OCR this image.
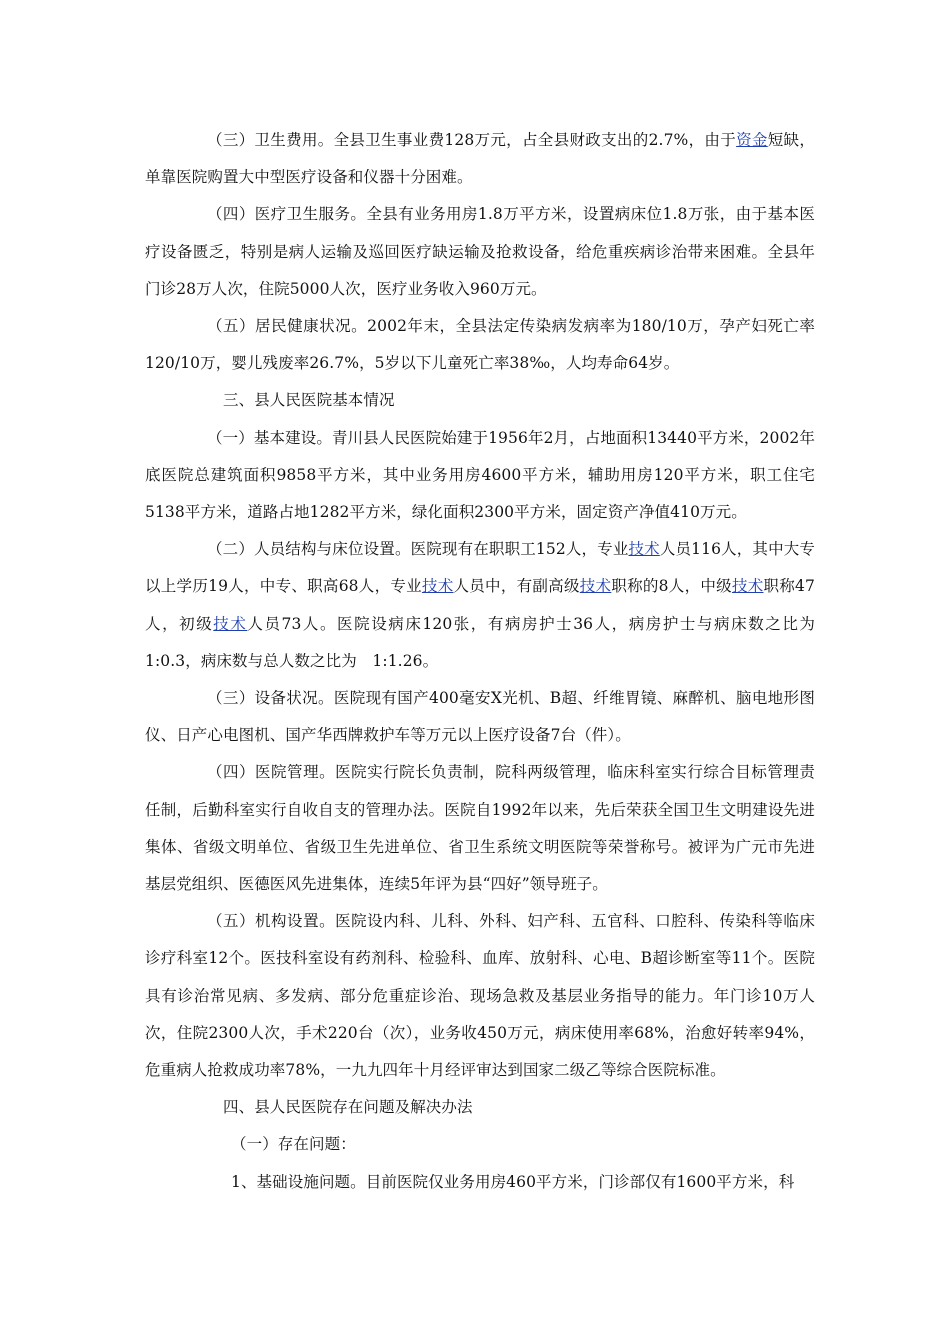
（三）卫生费用。全县卫生事业费128万元，占全县财政支出的2.7%，由于资金短缺，单靠医院购置大中型医疗设备和仪器十分困难。

（四）医疗卫生服务。全县有业务用房1.8万平方米，设置病床位1.8万张，由于基本医疗设备匮乏，特别是病人运输及巡回医疗缺运输及抢救设备，给危重疾病诊治带来困难。全县年门诊28万人次，住院5000人次，医疗业务收入960万元。

（五）居民健康状况。2002年末，全县法定传染病发病率为180/10万，孕产妇死亡率120/10万，婴儿残废率26.7%，5岁以下儿童死亡率38‰，人均寿命64岁。

三、县人民医院基本情况

（一）基本建设。青川县人民医院始建于1956年2月，占地面积13440平方米，2002年底医院总建筑面积9858平方米，其中业务用房4600平方米，辅助用房120平方米，职工住宅5138平方米，道路占地1282平方米，绿化面积2300平方米，固定资产净值410万元。

（二）人员结构与床位设置。医院现有在职职工152人，专业技术人员116人，其中大专以上学历19人，中专、职高68人，专业技术人员中，有副高级技术职称的8人，中级技术职称47人，初级技术人员73人。医院设病床120张，有病房护士36人，病房护士与病床数之比为1:0.3，病床数与总人数之比为　1:1.26。

（三）设备状况。医院现有国产400毫安X光机、B超、纤维胃镜、麻醉机、脑电地形图仪、日产心电图机、国产华西牌救护车等万元以上医疗设备7台（件）。

（四）医院管理。医院实行院长负责制，院科两级管理，临床科室实行综合目标管理责任制，后勤科室实行自收自支的管理办法。医院自1992年以来，先后荣获全国卫生文明建设先进集体、省级文明单位、省级卫生先进单位、省卫生系统文明医院等荣誉称号。被评为广元市先进基层党组织、医德医风先进集体，连续5年评为县“四好”领导班子。

（五）机构设置。医院设内科、儿科、外科、妇产科、五官科、口腔科、传染科等临床诊疗科室12个。医技科室设有药剂科、检验科、血库、放射科、心电、B超诊断室等11个。医院具有诊治常见病、多发病、部分危重症诊治、现场急救及基层业务指导的能力。年门诊10万人次，住院2300人次，手术220台（次），业务收450万元，病床使用率68%，治愈好转率94%，危重病人抢救成功率78%，一九九四年十月经评审达到国家二级乙等综合医院标准。

四、县人民医院存在问题及解决办法

（一）存在问题：

1、基础设施问题。目前医院仅业务用房460平方米，门诊部仅有1600平方米，科
